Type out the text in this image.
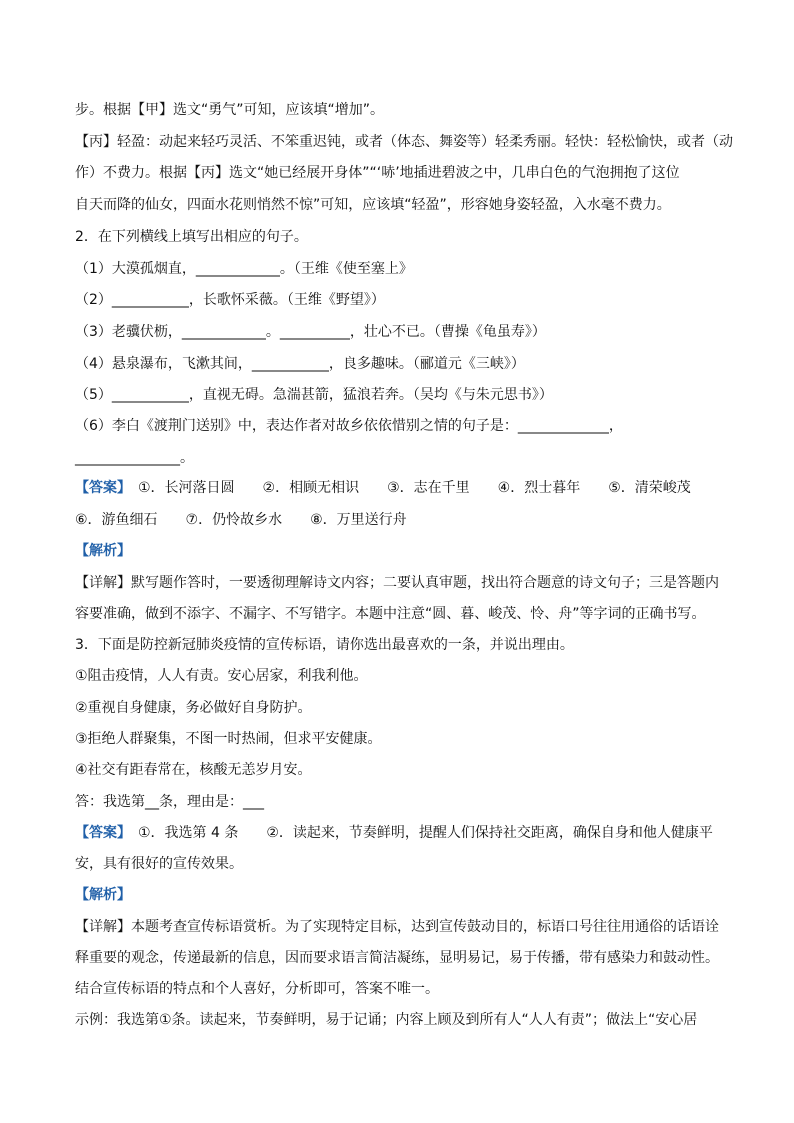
步。根据【甲】选文“勇气”可知，应该填“增加”。
【丙】轻盈：动起来轻巧灵活、不笨重迟钝，或者（体态、舞姿等）轻柔秀丽。轻快：轻松愉快，或者（动
作）不费力。根据【丙】选文“她已经展开身体”“‘哧’地插进碧波之中，几串白色的气泡拥抱了这位
自天而降的仙女，四面水花则悄然不惊”可知，应该填“轻盈”，形容她身姿轻盈，入水毫不费力。
2．在下列横线上填写出相应的句子。
（1）大漠孤烟直，____________。（王维《使至塞上》
（2）___________，长歌怀采薇。（王维《野望》）
（3）老骥伏枥，____________。__________，壮心不已。（曹操《龟虽寿》）
（4）悬泉瀑布，飞漱其间，___________，良多趣味。（郦道元《三峡》）
（5）___________，直视无碍。急湍甚箭，猛浪若奔。（吴均《与朱元思书》）
（6）李白《渡荆门送别》中，表达作者对故乡依依惜别之情的句子是：_____________，
_______________。
【答案】　①．长河落日圆　　②．相顾无相识　　③．志在千里　　④．烈士暮年　　⑤．清荣峻茂
⑥．游鱼细石　　⑦．仍怜故乡水　　⑧．万里送行舟
【解析】
【详解】默写题作答时，一要透彻理解诗文内容；二要认真审题，找出符合题意的诗文句子；三是答题内
容要准确，做到不添字、不漏字、不写错字。本题中注意“圆、暮、峻茂、怜、舟”等字词的正确书写。
3．下面是防控新冠肺炎疫情的宣传标语，请你选出最喜欢的一条，并说出理由。
①阻击疫情，人人有责。安心居家，利我利他。
②重视自身健康，务必做好自身防护。
③拒绝人群聚集，不图一时热闹，但求平安健康。
④社交有距春常在，核酸无恙岁月安。
答：我选第__条，理由是：___
【答案】　①．我选第 4 条　　②．读起来，节奏鲜明，提醒人们保持社交距离，确保自身和他人健康平
安，具有很好的宣传效果。
【解析】
【详解】本题考查宣传标语赏析。为了实现特定目标，达到宣传鼓动目的，标语口号往往用通俗的话语诠
释重要的观念，传递最新的信息，因而要求语言简洁凝练，显明易记，易于传播，带有感染力和鼓动性。
结合宣传标语的特点和个人喜好，分析即可，答案不唯一。
示例：我选第①条。读起来，节奏鲜明，易于记诵；内容上顾及到所有人“人人有责”；做法上“安心居
